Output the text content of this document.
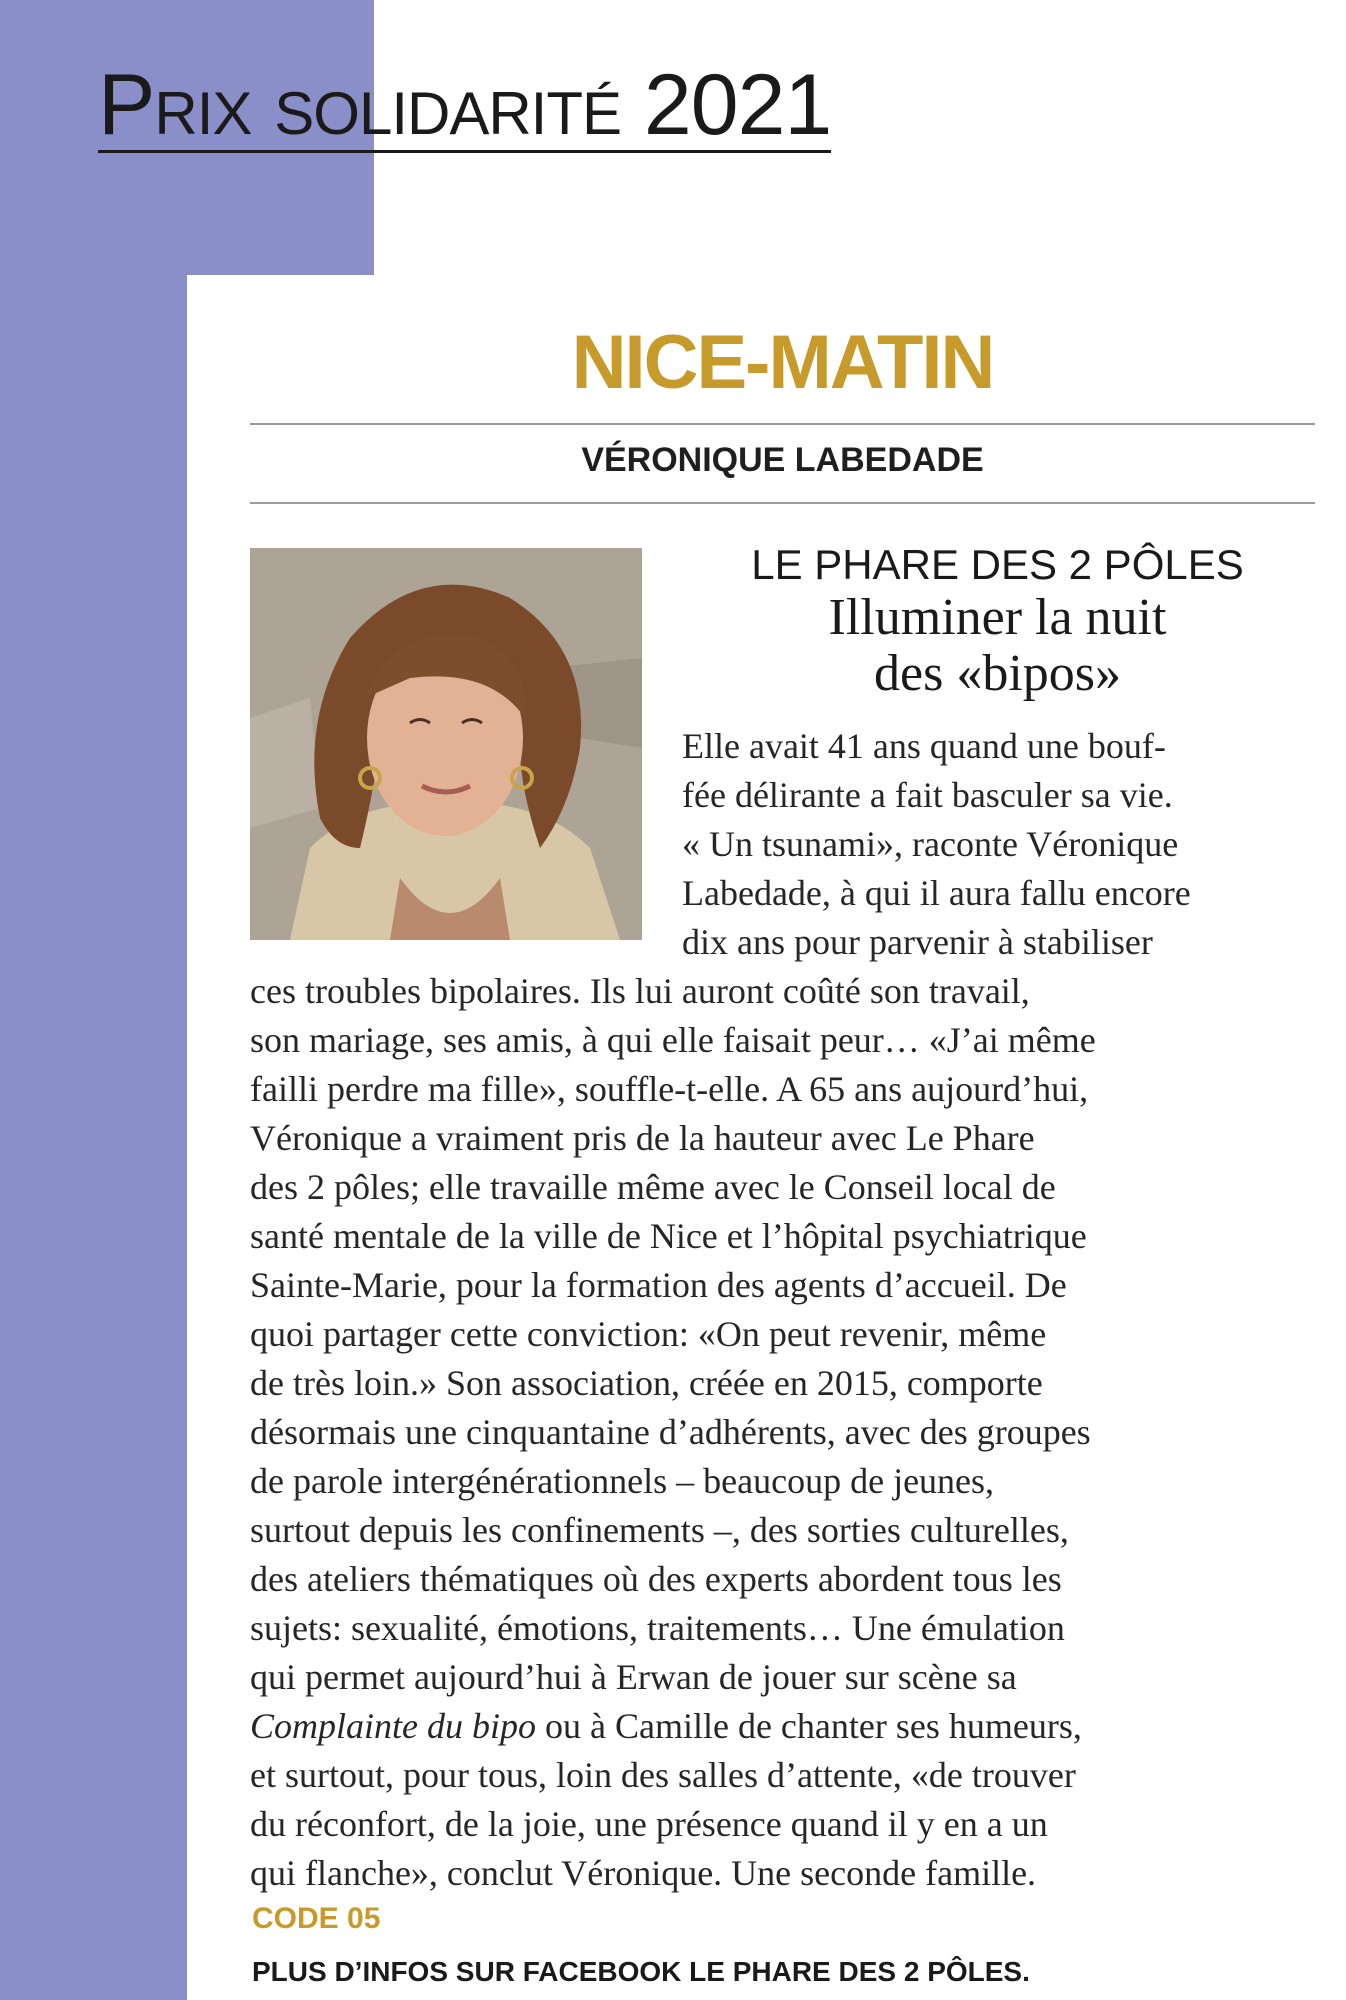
Prix solidarité 2021
NICE-MATIN
VÉRONIQUE LABEDADE
LE PHARE DES 2 PÔLES
Illuminer la nuit
des «bipos»

Elle avait 41 ans quand une bouf-
fée délirante a fait basculer sa vie.
« Un tsunami», raconte Véronique
Labedade, à qui il aura fallu encore
dix ans pour parvenir à stabiliser
ces troubles bipolaires. Ils lui auront coûté son travail,
son mariage, ses amis, à qui elle faisait peur… «J’ai même
failli perdre ma fille», souffle-t-elle. A 65 ans aujourd’hui,
Véronique a vraiment pris de la hauteur avec Le Phare
des 2 pôles; elle travaille même avec le Conseil local de
santé mentale de la ville de Nice et l’hôpital psychiatrique
Sainte-Marie, pour la formation des agents d’accueil. De
quoi partager cette conviction: «On peut revenir, même
de très loin.» Son association, créée en 2015, comporte
désormais une cinquantaine d’adhérents, avec des groupes
de parole intergénérationnels – beaucoup de jeunes,
surtout depuis les confinements –, des sorties culturelles,
des ateliers thématiques où des experts abordent tous les
sujets: sexualité, émotions, traitements… Une émulation
qui permet aujourd’hui à Erwan de jouer sur scène sa
Complainte du bipo ou à Camille de chanter ses humeurs,
et surtout, pour tous, loin des salles d’attente, «de trouver
du réconfort, de la joie, une présence quand il y en a un
qui flanche», conclut Véronique. Une seconde famille.

CODE 05
PLUS D’INFOS SUR FACEBOOK LE PHARE DES 2 PÔLES.
